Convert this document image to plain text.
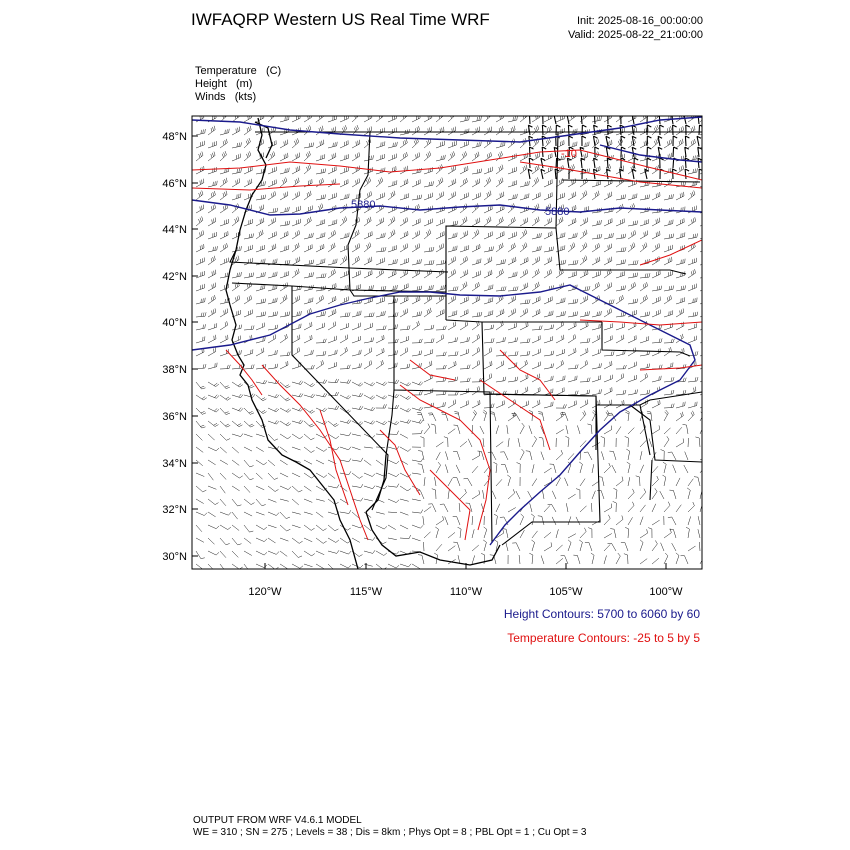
5880
5880
-10
30°N
32°N
34°N
36°N
38°N
40°N
42°N
44°N
46°N
48°N
120°W	115°W	110°W	105°W	100°W
IWFAQRP Western US Real Time WRF	Init: 2025-08-16_00:00:00
Valid: 2025-08-22_21:00:00
Temperature (C)
Height (m)
Winds (kts)
Height Contours: 5700 to 6060 by 60
Temperature Contours: -25 to 5 by 5
OUTPUT FROM WRF V4.6.1 MODEL
WE = 310 ; SN = 275 ; Levels = 38 ; Dis = 8km ; Phys Opt = 8 ; PBL Opt = 1 ; Cu Opt = 3
